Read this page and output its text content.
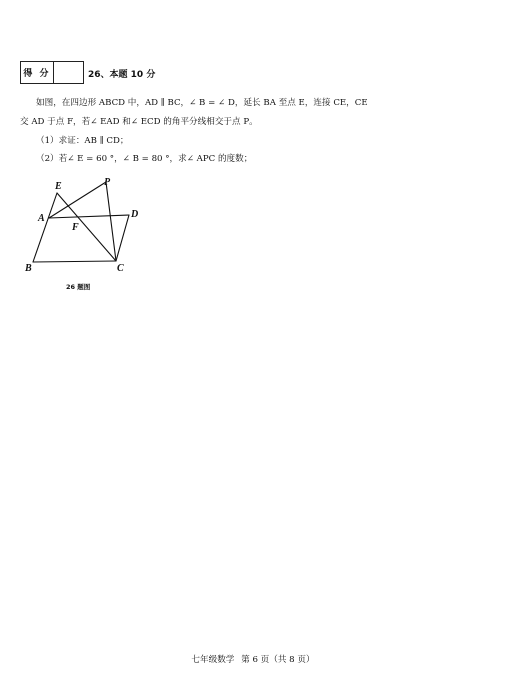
得 分	26、本题 10 分
如图，在四边形 ABCD 中，AD ∥ BC，∠ B = ∠ D，延长 BA 至点 E，连接 CE，CE
交 AD 于点 F，若∠ EAD 和∠ ECD 的角平分线相交于点 P。
（1）求证：AB ∥ CD；
（2）若∠ E = 60 °，∠ B = 80 °，求∠ APC 的度数；
E	P
A
F
D
B	C
26 题图
七年级数学 第 6 页（共 8 页）
